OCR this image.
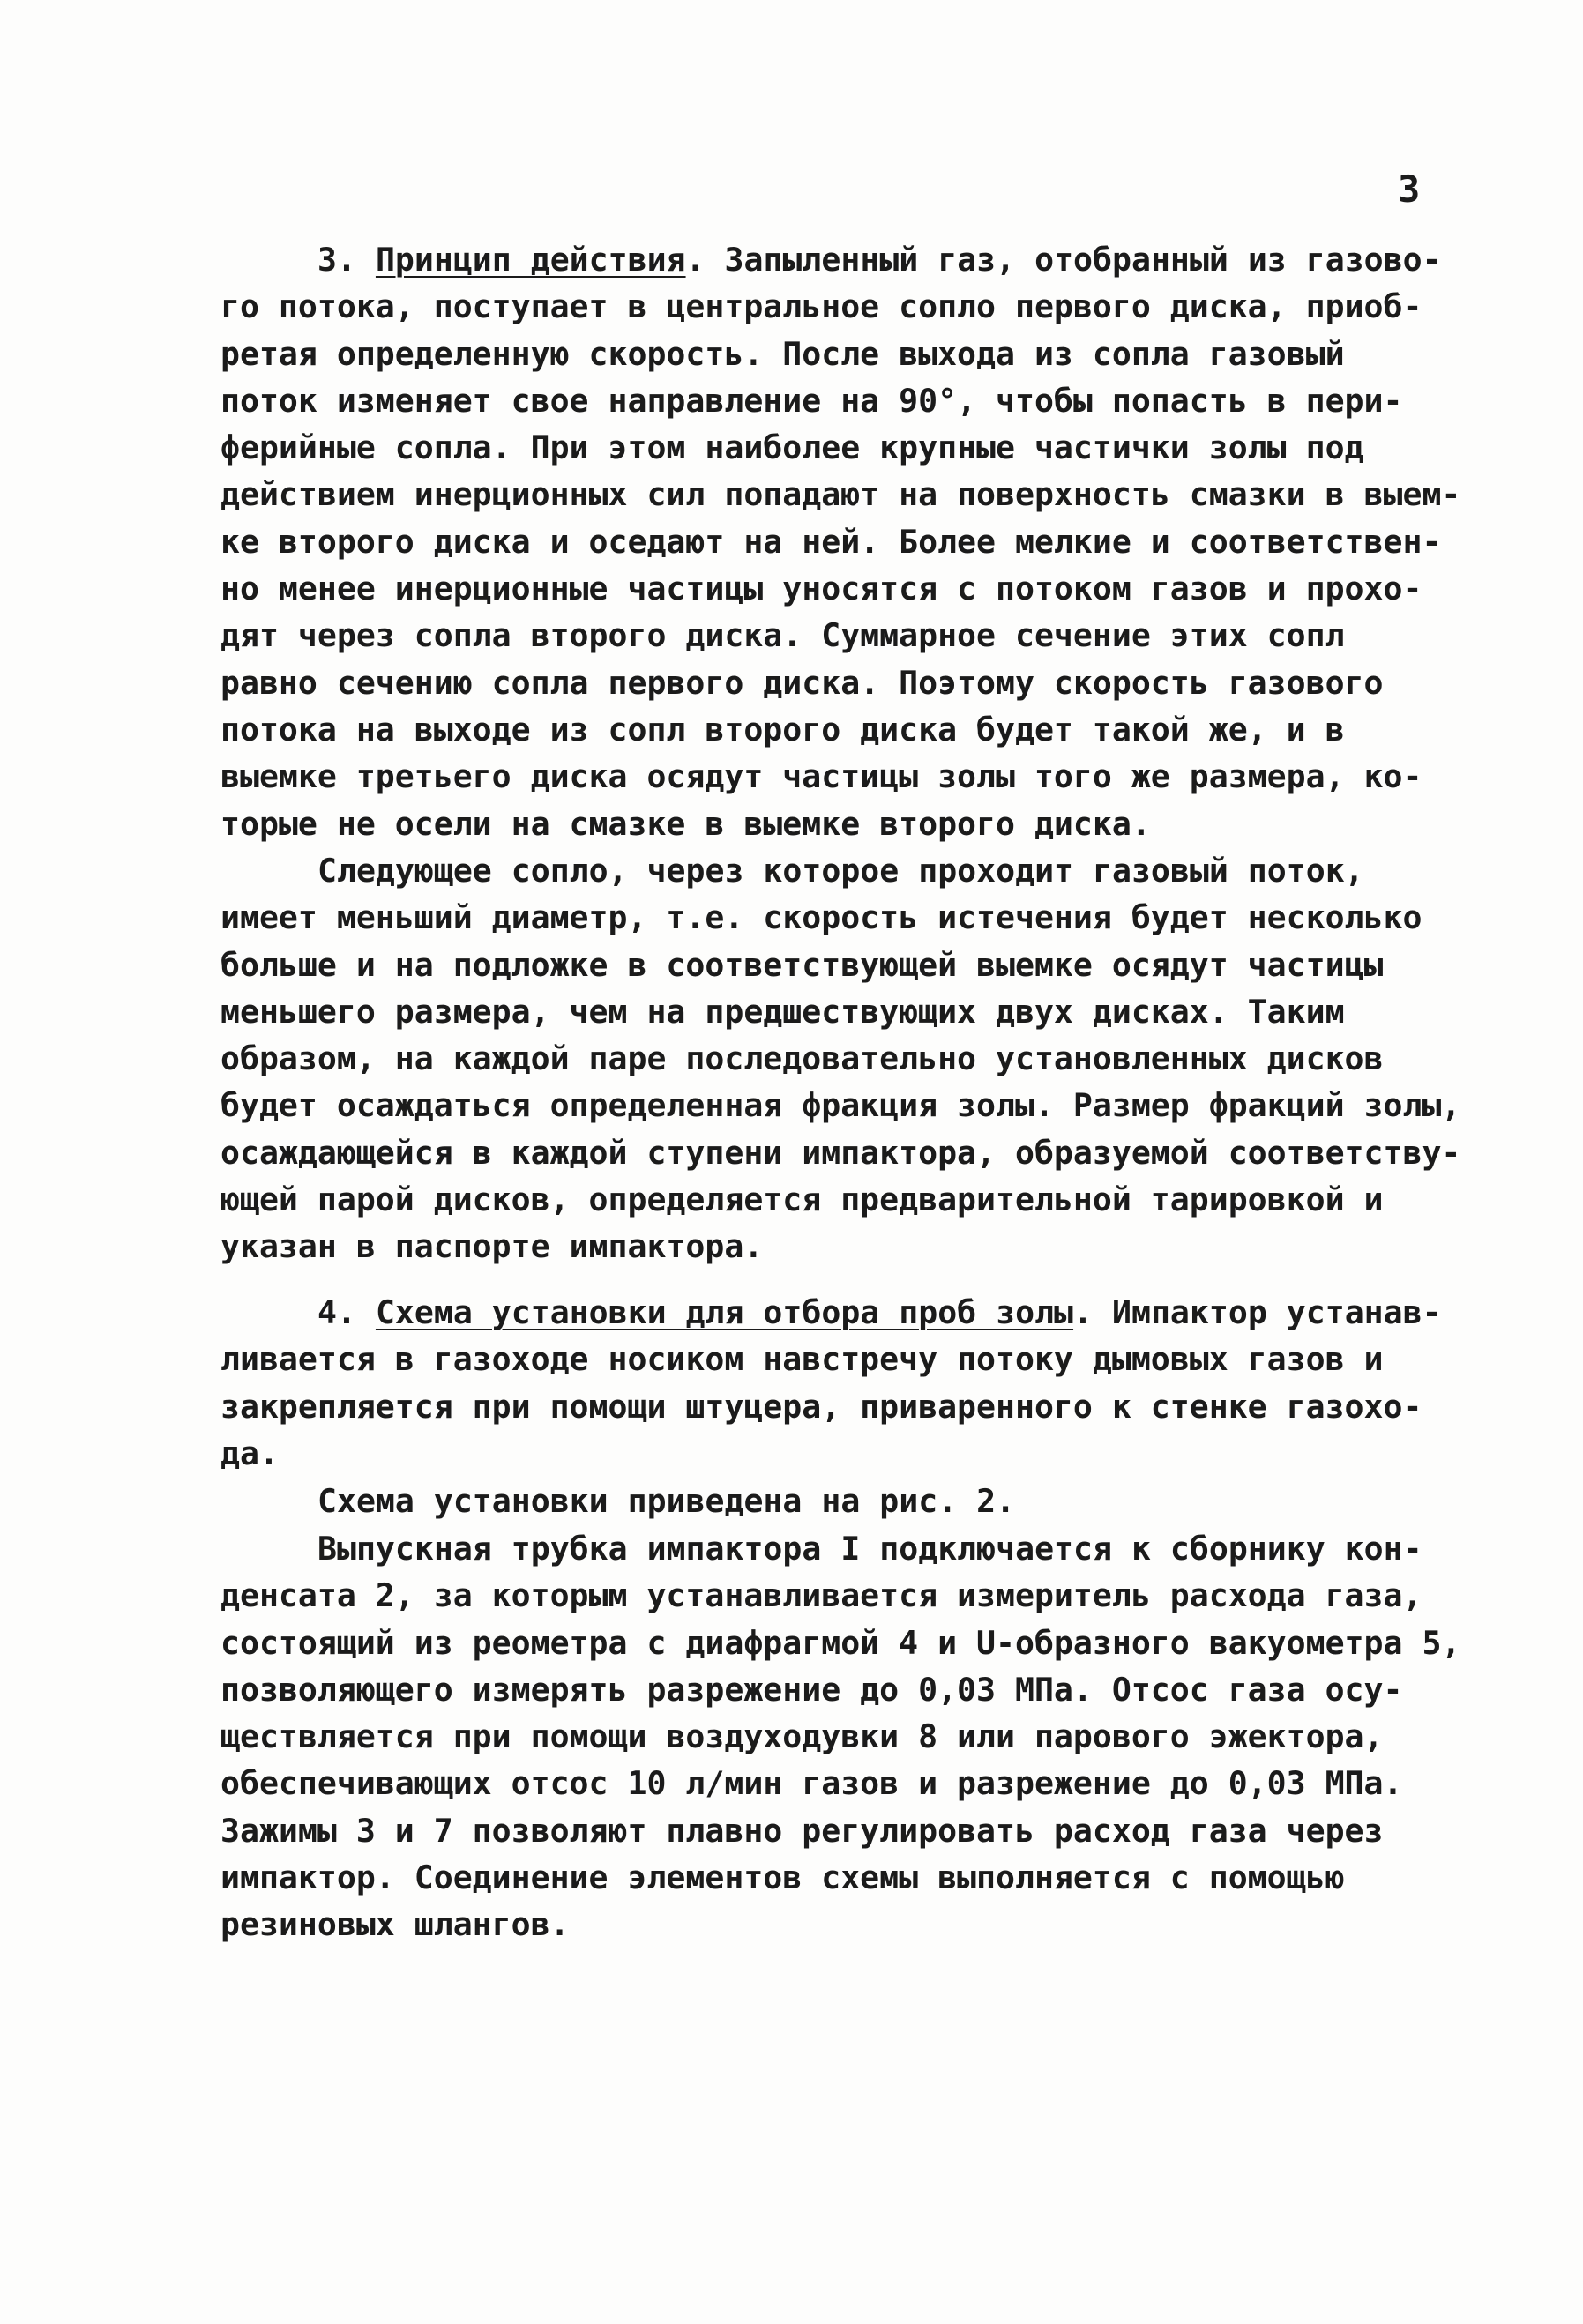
3
3. Принцип действия. Запыленный газ, отобранный из газово-
го потока, поступает в центральное сопло первого диска, приоб-
ретая определенную скорость. После выхода из сопла газовый
поток изменяет свое направление на 90°, чтобы попасть в пери-
ферийные сопла. При этом наиболее крупные частички золы под
действием инерционных сил попадают на поверхность смазки в выем-
ке второго диска и оседают на ней. Более мелкие и соответствен-
но менее инерционные частицы уносятся с потоком газов и прохо-
дят через сопла второго диска. Суммарное сечение этих сопл
равно сечению сопла первого диска. Поэтому скорость газового
потока на выходе из сопл второго диска будет такой же, и в
выемке третьего диска осядут частицы золы того же размера, ко-
торые не осели на смазке в выемке второго диска.
Следующее сопло, через которое проходит газовый поток,
имеет меньший диаметр, т.е. скорость истечения будет несколько
больше и на подложке в соответствующей выемке осядут частицы
меньшего размера, чем на предшествующих двух дисках. Таким
образом, на каждой паре последовательно установленных дисков
будет осаждаться определенная фракция золы. Размер фракций золы,
осаждающейся в каждой ступени импактора, образуемой соответству-
ющей парой дисков, определяется предварительной тарировкой и
указан в паспорте импактора.
4. Схема установки для отбора проб золы. Импактор устанав-
ливается в газоходе носиком навстречу потоку дымовых газов и
закрепляется при помощи штуцера, приваренного к стенке газохо-
да.
Схема установки приведена на рис. 2.
Выпускная трубка импактора I подключается к сборнику кон-
денсата 2, за которым устанавливается измеритель расхода газа,
состоящий из реометра с диафрагмой 4 и U-образного вакуометра 5,
позволяющего измерять разрежение до 0,03 МПа. Отсос газа осу-
ществляется при помощи воздуходувки 8 или парового эжектора,
обеспечивающих отсос 10 л/мин газов и разрежение до 0,03 МПа.
Зажимы 3 и 7 позволяют плавно регулировать расход газа через
импактор. Соединение элементов схемы выполняется с помощью
резиновых шлангов.
